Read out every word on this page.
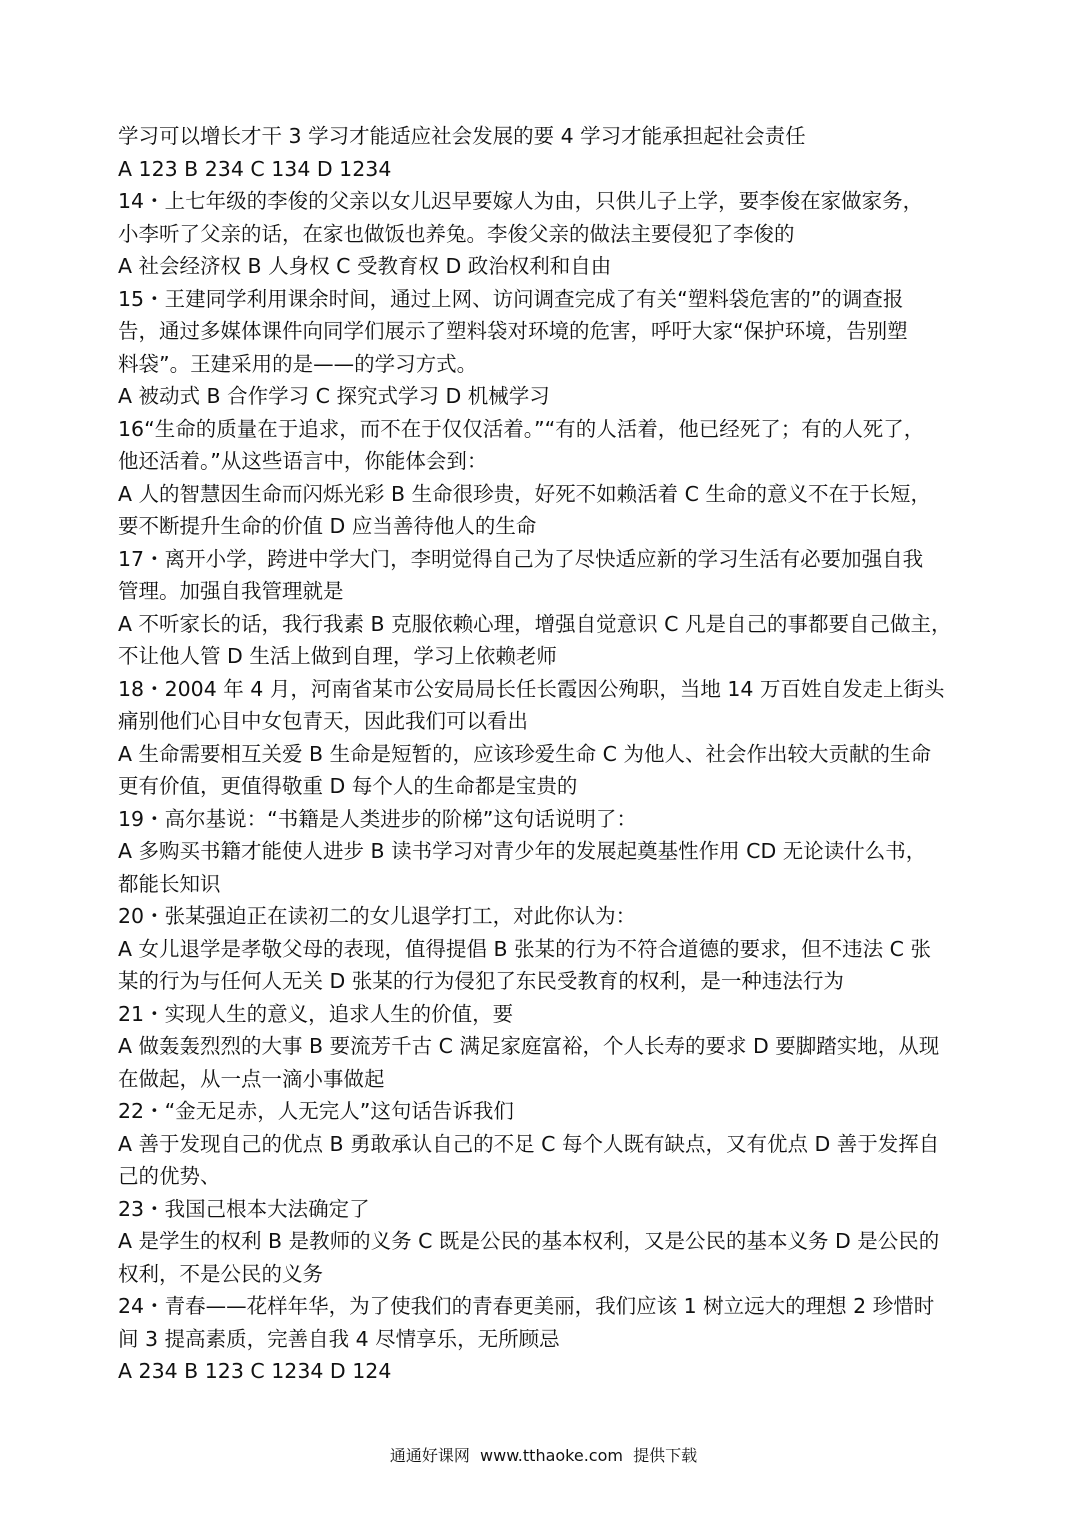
学习可以增长才干 3 学习才能适应社会发展的要 4 学习才能承担起社会责任
A 123 B 234 C 134 D 1234
14・上七年级的李俊的父亲以女儿迟早要嫁人为由，只供儿子上学，要李俊在家做家务，
小李听了父亲的话，在家也做饭也养兔。李俊父亲的做法主要侵犯了李俊的
A 社会经济权 B 人身权 C 受教育权 D 政治权利和自由
15・王建同学利用课余时间，通过上网、访问调查完成了有关“塑料袋危害的”的调查报
告，通过多媒体课件向同学们展示了塑料袋对环境的危害，呼吁大家“保护环境，告别塑
料袋”。王建采用的是——的学习方式。
A 被动式 B 合作学习 C 探究式学习 D 机械学习
16“生命的质量在于追求，而不在于仅仅活着。”“有的人活着，他已经死了；有的人死了，
他还活着。”从这些语言中，你能体会到：
A 人的智慧因生命而闪烁光彩 B 生命很珍贵，好死不如赖活着 C 生命的意义不在于长短，
要不断提升生命的价值 D 应当善待他人的生命
17・离开小学，跨进中学大门，李明觉得自己为了尽快适应新的学习生活有必要加强自我
管理。加强自我管理就是
A 不听家长的话，我行我素 B 克服依赖心理，增强自觉意识 C 凡是自己的事都要自己做主，
不让他人管 D 生活上做到自理，学习上依赖老师
18・2004 年 4 月，河南省某市公安局局长任长霞因公殉职，当地 14 万百姓自发走上街头
痛别他们心目中女包青天，因此我们可以看出
A 生命需要相互关爱 B 生命是短暂的，应该珍爱生命 C 为他人、社会作出较大贡献的生命
更有价值，更值得敬重 D 每个人的生命都是宝贵的
19・高尔基说：“书籍是人类进步的阶梯”这句话说明了：
A 多购买书籍才能使人进步 B 读书学习对青少年的发展起奠基性作用 CD 无论读什么书，
都能长知识
20・张某强迫正在读初二的女儿退学打工，对此你认为：
A 女儿退学是孝敬父母的表现，值得提倡 B 张某的行为不符合道德的要求，但不违法 C 张
某的行为与任何人无关 D 张某的行为侵犯了东民受教育的权利，是一种违法行为
21・实现人生的意义，追求人生的价值，要
A 做轰轰烈烈的大事 B 要流芳千古 C 满足家庭富裕，个人长寿的要求 D 要脚踏实地，从现
在做起，从一点一滴小事做起
22・“金无足赤，人无完人”这句话告诉我们
A 善于发现自己的优点 B 勇敢承认自己的不足 C 每个人既有缺点，又有优点 D 善于发挥自
己的优势、
23・我国己根本大法确定了
A 是学生的权利 B 是教师的义务 C 既是公民的基本权利，又是公民的基本义务 D 是公民的
权利，不是公民的义务
24・青春——花样年华，为了使我们的青春更美丽，我们应该 1 树立远大的理想 2 珍惜时
间 3 提高素质，完善自我 4 尽情享乐，无所顾忌
A 234 B 123 C 1234 D 124
通通好课网  www.tthaoke.com  提供下载
